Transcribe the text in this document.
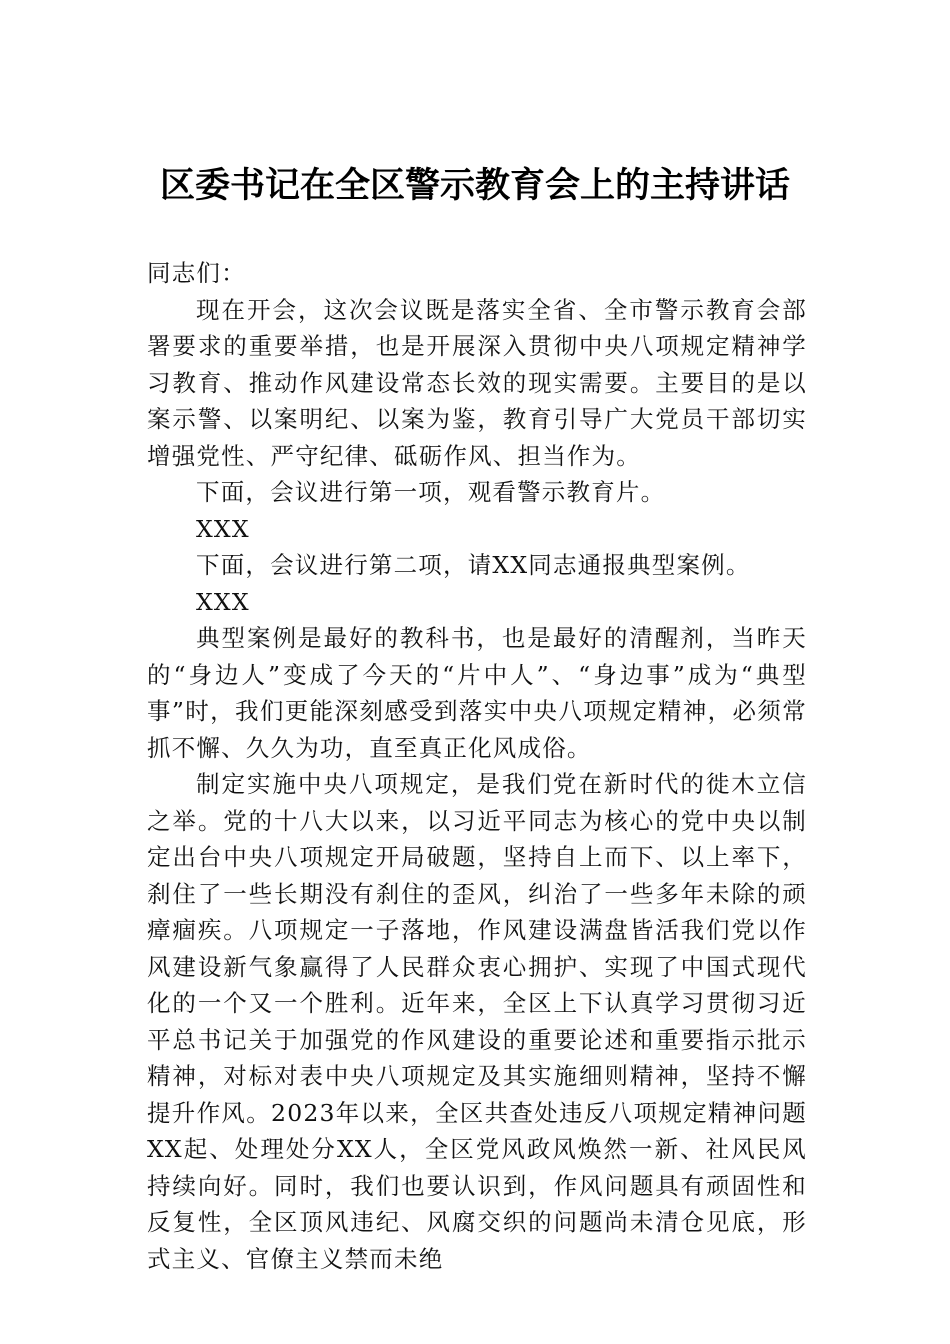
区委书记在全区警示教育会上的主持讲话

同志们：

现在开会，这次会议既是落实全省、全市警示教育会部署要求的重要举措，也是开展深入贯彻中央八项规定精神学习教育、推动作风建设常态长效的现实需要。主要目的是以案示警、以案明纪、以案为鉴，教育引导广大党员干部切实增强党性、严守纪律、砥砺作风、担当作为。

下面，会议进行第一项，观看警示教育片。

XXX

下面，会议进行第二项，请XX同志通报典型案例。

XXX

典型案例是最好的教科书，也是最好的清醒剂，当昨天的“身边人”变成了今天的“片中人”、“身边事”成为“典型事”时，我们更能深刻感受到落实中央八项规定精神，必须常抓不懈、久久为功，直至真正化风成俗。

制定实施中央八项规定，是我们党在新时代的徙木立信之举。党的十八大以来，以习近平同志为核心的党中央以制定出台中央八项规定开局破题，坚持自上而下、以上率下，刹住了一些长期没有刹住的歪风，纠治了一些多年未除的顽瘴痼疾。八项规定一子落地，作风建设满盘皆活我们党以作风建设新气象赢得了人民群众衷心拥护、实现了中国式现代化的一个又一个胜利。近年来，全区上下认真学习贯彻习近平总书记关于加强党的作风建设的重要论述和重要指示批示精神，对标对表中央八项规定及其实施细则精神，坚持不懈提升作风。2023年以来，全区共查处违反八项规定精神问题XX起、处理处分XX人，全区党风政风焕然一新、社风民风持续向好。同时，我们也要认识到，作风问题具有顽固性和反复性，全区顶风违纪、风腐交织的问题尚未清仓见底，形式主义、官僚主义禁而未绝
